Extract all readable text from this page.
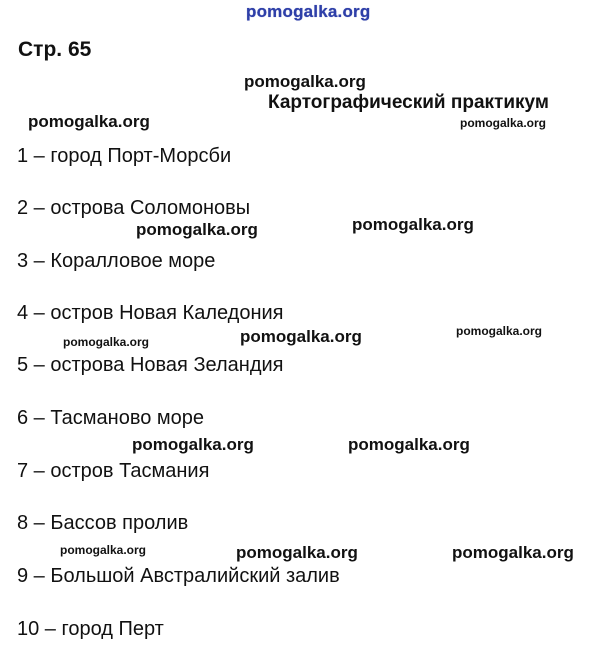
pomogalka.org
Стр. 65
Картографический практикум
1 – город Порт-Морсби
2 – острова Соломоновы
3 – Коралловое море
4 – остров Новая Каледония
5 – острова Новая Зеландия
6 – Тасманово море
7 – остров Тасмания
8 – Бассов пролив
9 – Большой Австралийский залив
10 – город Перт
pomogalka.org
pomogalka.org	pomogalka.org
pomogalka.org	pomogalka.org
pomogalka.org	pomogalka.org	pomogalka.org
pomogalka.org	pomogalka.org
pomogalka.org	pomogalka.org	pomogalka.org
